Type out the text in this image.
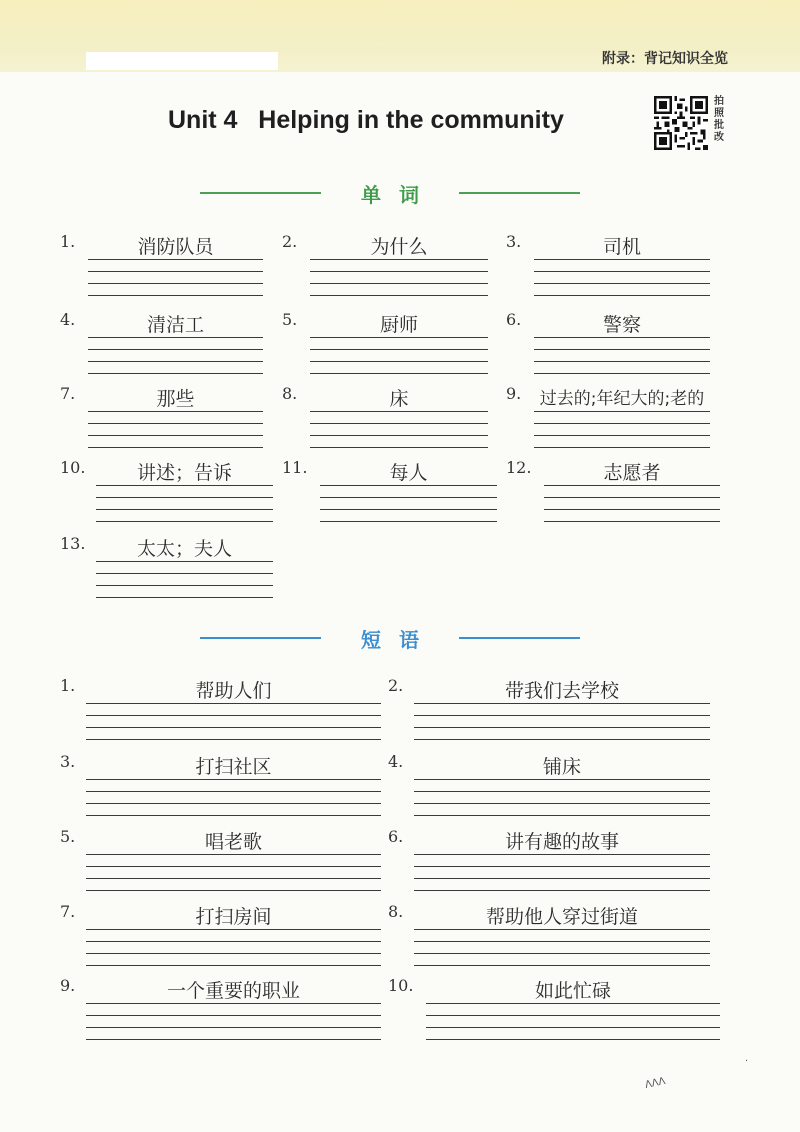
附录：背记知识全览
Unit 4   Helping in the community
拍照批改
单词
1.	消防队员	2.	为什么	3.	司机
4.	清洁工	5.	厨师	6.	警察
7.	那些	8.	床	9.	过去的;年纪大的;老的
10.	讲述；告诉	11.	每人	12.	志愿者
13.	太太；夫人
短语
1.	帮助人们	2.	带我们去学校
3.	打扫社区	4.	铺床
5.	唱老歌	6.	讲有趣的故事
7.	打扫房间	8.	帮助他人穿过街道
9.	一个重要的职业	10.	如此忙碌
·
ᐱᐱᐱ
